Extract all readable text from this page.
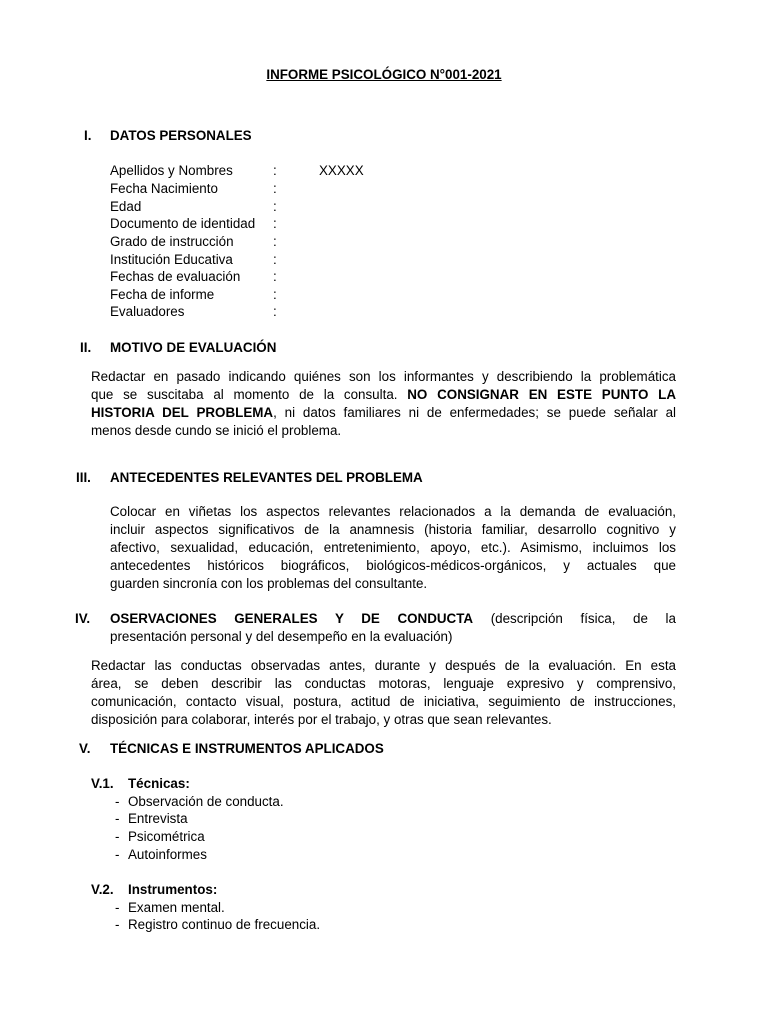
INFORME PSICOLÓGICO N°001-2021
I. DATOS PERSONALES
Apellidos y Nombres	:	XXXXX
Fecha Nacimiento	:
Edad	:
Documento de identidad :
Grado de instrucción	:
Institución Educativa	:
Fechas de evaluación :
Fecha de informe	:
Evaluadores	:
II. MOTIVO DE EVALUACIÓN
Redactar en pasado indicando quiénes son los informantes y describiendo la problemática
que se suscitaba al momento de la consulta. NO CONSIGNAR EN ESTE PUNTO LA
HISTORIA DEL PROBLEMA, ni datos familiares ni de enfermedades; se puede señalar al
menos desde cundo se inició el problema.
III. ANTECEDENTES RELEVANTES DEL PROBLEMA
Colocar en viñetas los aspectos relevantes relacionados a la demanda de evaluación,
incluir aspectos significativos de la anamnesis (historia familiar, desarrollo cognitivo y
afectivo, sexualidad, educación, entretenimiento, apoyo, etc.). Asimismo, incluimos los
antecedentes históricos biográficos, biológicos-médicos-orgánicos, y actuales que
guarden sincronía con los problemas del consultante.
IV. OSERVACIONES GENERALES Y DE CONDUCTA (descripción física, de la
presentación personal y del desempeño en la evaluación)
Redactar las conductas observadas antes, durante y después de la evaluación. En esta
área, se deben describir las conductas motoras, lenguaje expresivo y comprensivo,
comunicación, contacto visual, postura, actitud de iniciativa, seguimiento de instrucciones,
disposición para colaborar, interés por el trabajo, y otras que sean relevantes.
V. TÉCNICAS E INSTRUMENTOS APLICADOS
V.1. Técnicas:
- Observación de conducta.
- Entrevista
- Psicométrica
- Autoinformes
V.2. Instrumentos:
- Examen mental.
- Registro continuo de frecuencia.
